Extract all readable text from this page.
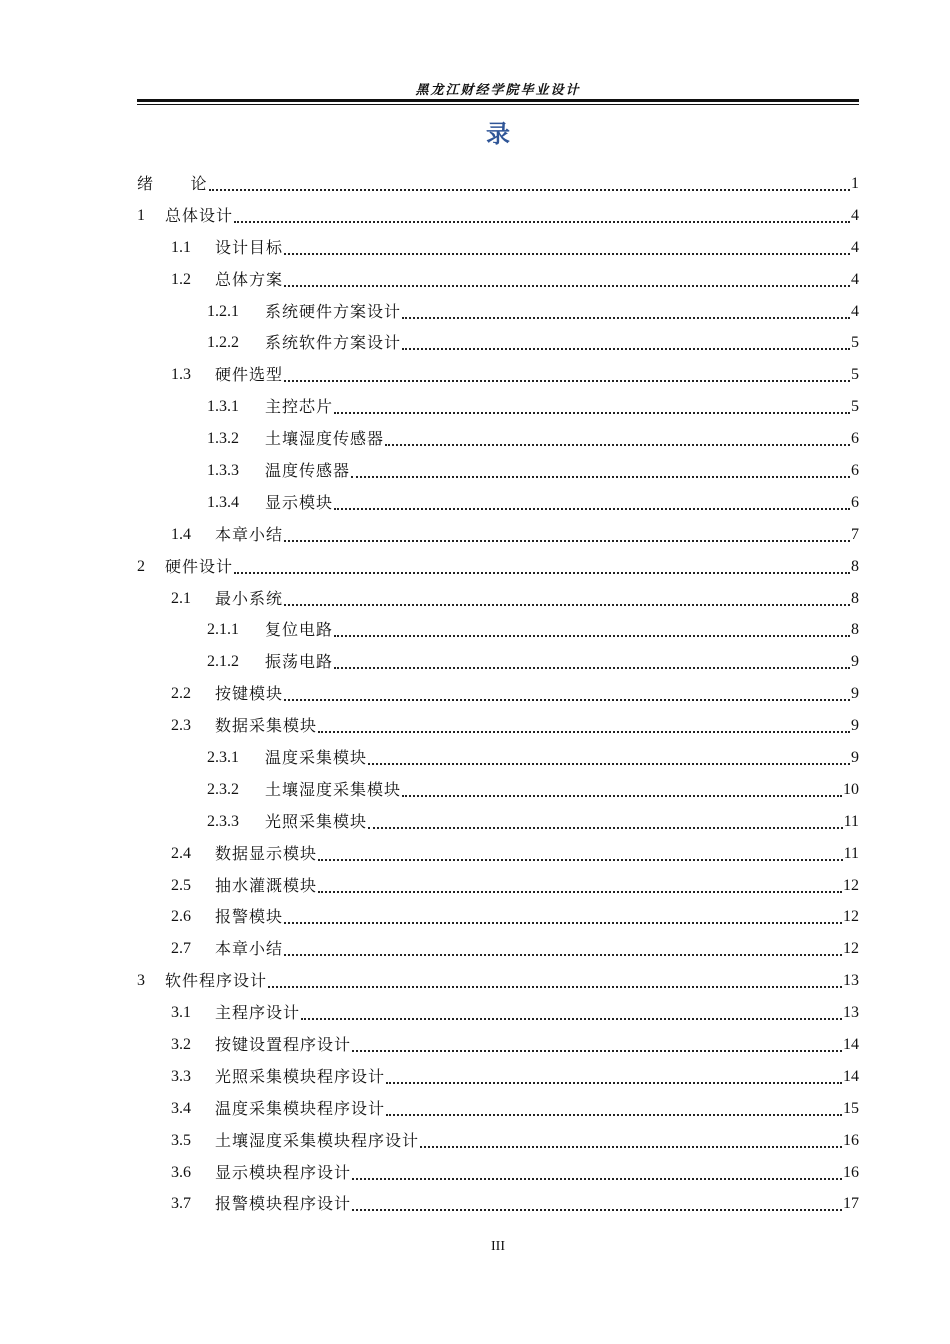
黑龙江财经学院毕业设计
录
绪      论	1
1	总体设计	4
1.1	设计目标	4
1.2	总体方案	4
1.2.1	系统硬件方案设计	4
1.2.2	系统软件方案设计	5
1.3	硬件选型	5
1.3.1	主控芯片	5
1.3.2	土壤湿度传感器	6
1.3.3	温度传感器	6
1.3.4	显示模块	6
1.4	本章小结	7
2	硬件设计	8
2.1	最小系统	8
2.1.1	复位电路	8
2.1.2	振荡电路	9
2.2	按键模块	9
2.3	数据采集模块	9
2.3.1	温度采集模块	9
2.3.2	土壤湿度采集模块	10
2.3.3	光照采集模块	11
2.4	数据显示模块	11
2.5	抽水灌溉模块	12
2.6	报警模块	12
2.7	本章小结	12
3	软件程序设计	13
3.1	主程序设计	13
3.2	按键设置程序设计	14
3.3	光照采集模块程序设计	14
3.4	温度采集模块程序设计	15
3.5	土壤湿度采集模块程序设计	16
3.6	显示模块程序设计	16
3.7	报警模块程序设计	17
III
